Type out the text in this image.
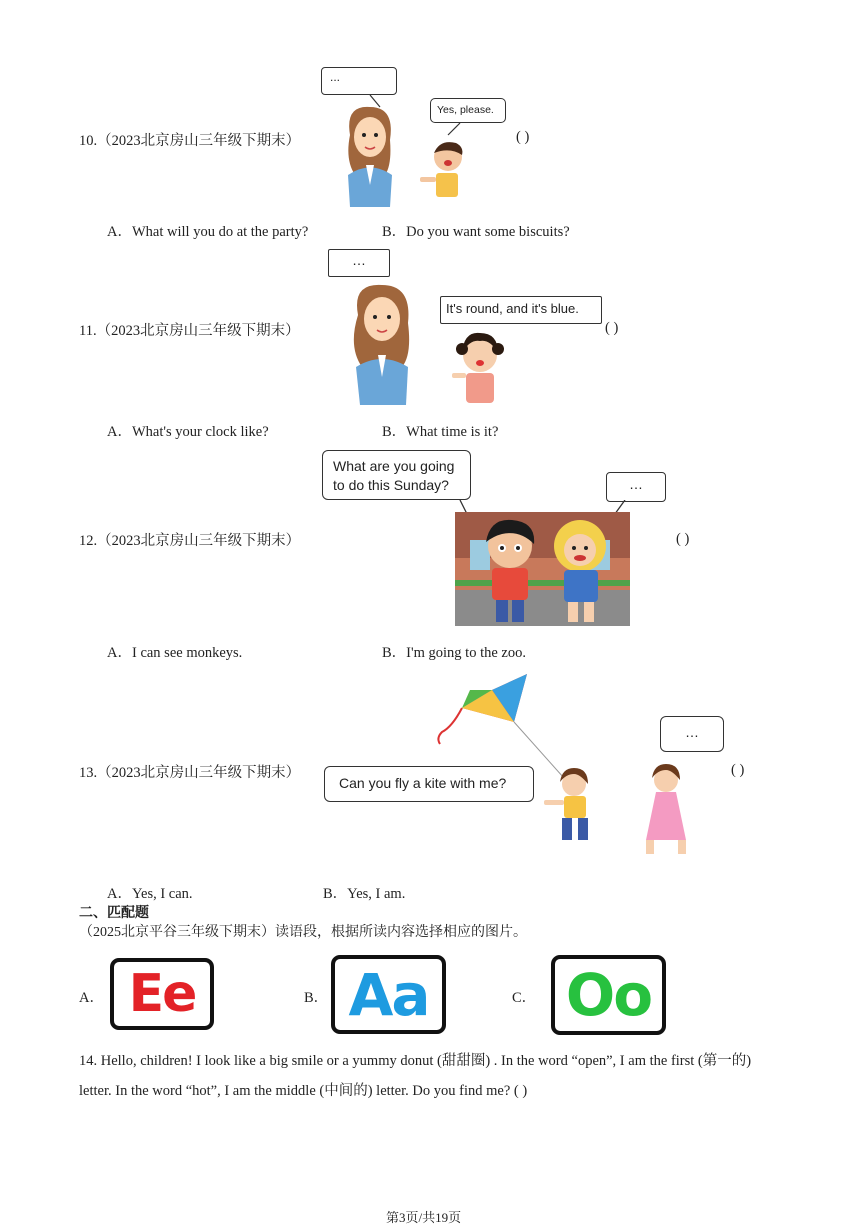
10.（2023北京房山三年级下期末）
...
Yes, please.
( )
A．What will you do at the party?	B．Do you want some biscuits?
11.（2023北京房山三年级下期末）
…
It's round, and it's blue.
( )
A．What's your clock like?	B．What time is it?
12.（2023北京房山三年级下期末）
What are you going to do this Sunday?	…
( )
A．I can see monkeys.	B．I'm going to the zoo.
13.（2023北京房山三年级下期末）
…
Can you fly a kite with me?
( )
A．Yes, I can.	B．Yes, I am.
二、匹配题
（2025北京平谷三年级下期末）读语段，根据所读内容选择相应的图片。
A． Ee	B． Aa	C． Oo
14. Hello, children! I look like a big smile or a yummy donut (甜甜圈) . In the word “open”, I am the first (第一的)
letter. In the word “hot”, I am the middle (中间的) letter. Do you find me? ( )
第3页/共19页
